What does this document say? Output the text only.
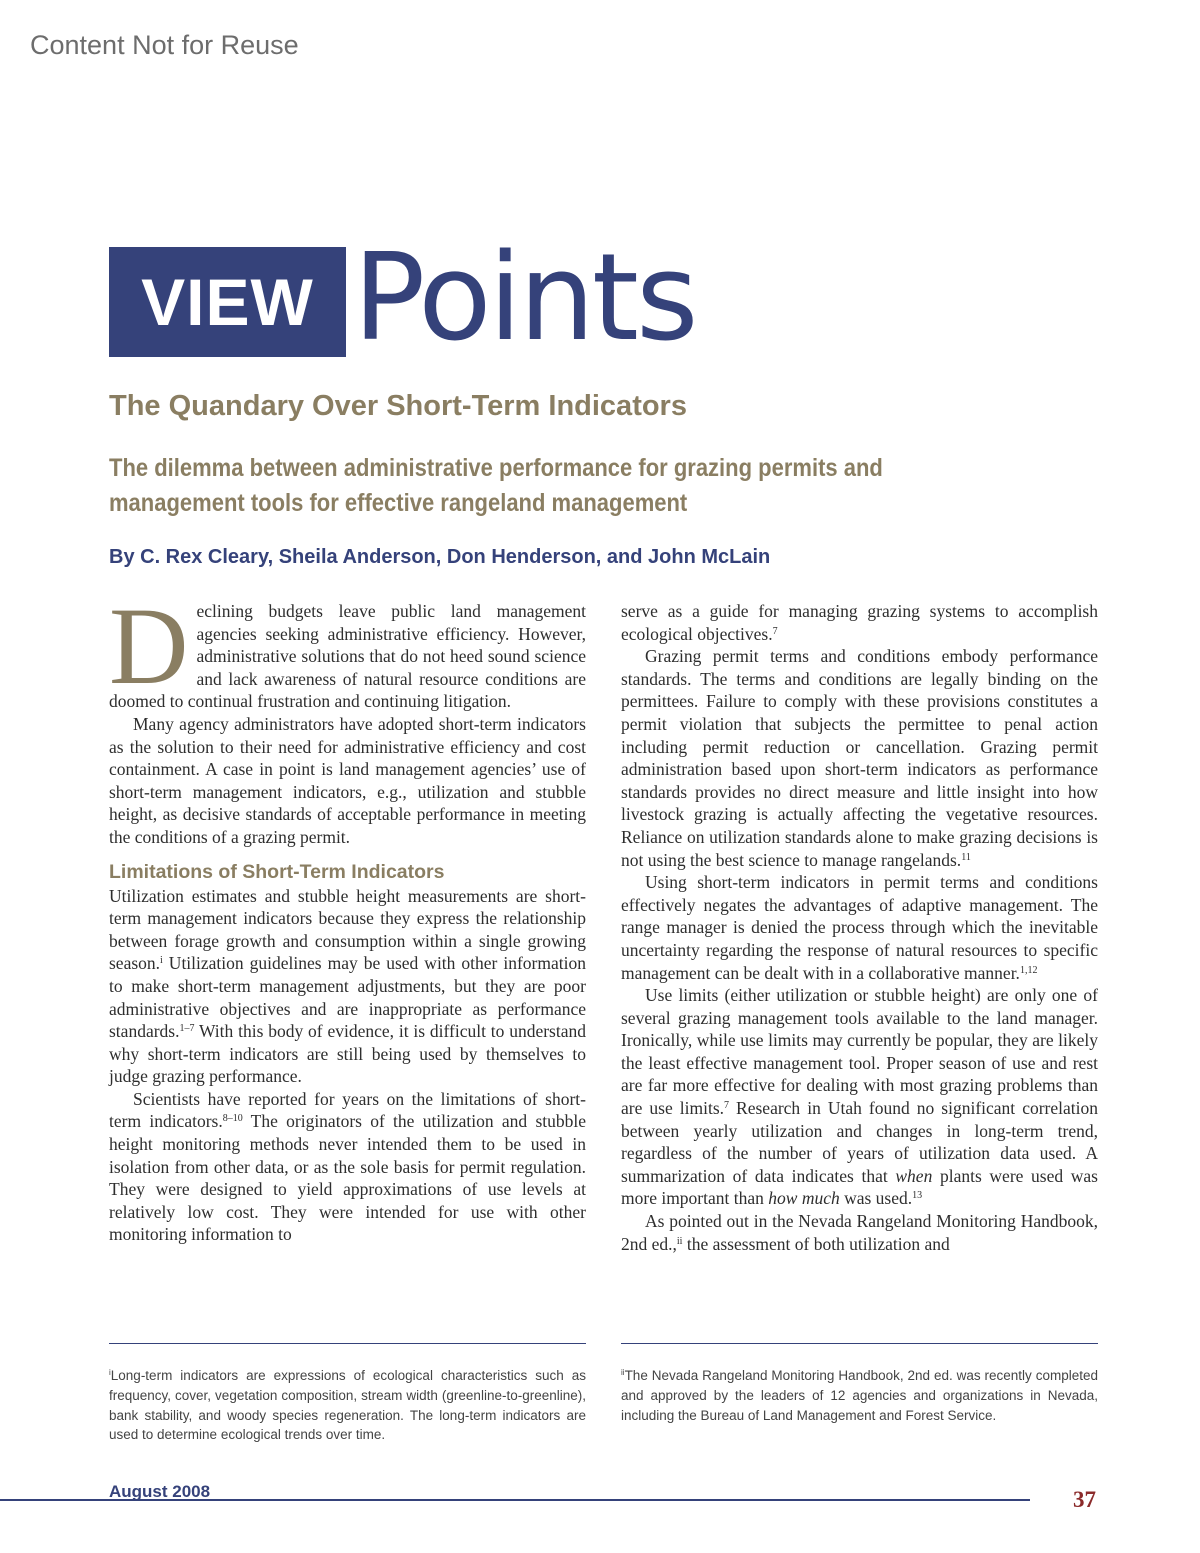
Content Not for Reuse
VIEW Points
The Quandary Over Short-Term Indicators
The dilemma between administrative performance for grazing permits and management tools for effective rangeland management
By C. Rex Cleary, Sheila Anderson, Don Henderson, and John McLain

Declining budgets leave public land management agencies seeking administrative efficiency. However, administrative solutions that do not heed sound science and lack awareness of natural resource conditions are doomed to continual frustration and continuing litigation.

Many agency administrators have adopted short-term indicators as the solution to their need for administrative efficiency and cost containment. A case in point is land management agencies’ use of short-term management indicators, e.g., utilization and stubble height, as decisive standards of acceptable performance in meeting the conditions of a grazing permit.

Limitations of Short-Term Indicators

Utilization estimates and stubble height measurements are short-term management indicators because they express the relationship between forage growth and consumption within a single growing season.$^i$ Utilization guidelines may be used with other information to make short-term management adjustments, but they are poor administrative objectives and are inappropriate as performance standards.$^{1-7}$ With this body of evidence, it is difficult to understand why short-term indicators are still being used by themselves to judge grazing performance.

Scientists have reported for years on the limitations of short-term indicators.$^{8-10}$ The originators of the utilization and stubble height monitoring methods never intended them to be used in isolation from other data, or as the sole basis for permit regulation. They were designed to yield approximations of use levels at relatively low cost. They were intended for use with other monitoring information to

serve as a guide for managing grazing systems to accomplish ecological objectives.$^7$

Grazing permit terms and conditions embody performance standards. The terms and conditions are legally binding on the permittees. Failure to comply with these provisions constitutes a permit violation that subjects the permittee to penal action including permit reduction or cancellation. Grazing permit administration based upon short-term indicators as performance standards provides no direct measure and little insight into how livestock grazing is actually affecting the vegetative resources. Reliance on utilization standards alone to make grazing decisions is not using the best science to manage rangelands.$^{11}$

Using short-term indicators in permit terms and conditions effectively negates the advantages of adaptive management. The range manager is denied the process through which the inevitable uncertainty regarding the response of natural resources to specific management can be dealt with in a collaborative manner.$^{1,12}$

Use limits (either utilization or stubble height) are only one of several grazing management tools available to the land manager. Ironically, while use limits may currently be popular, they are likely the least effective management tool. Proper season of use and rest are far more effective for dealing with most grazing problems than are use limits.$^7$ Research in Utah found no significant correlation between yearly utilization and changes in long-term trend, regardless of the number of years of utilization data used. A summarization of data indicates that when plants were used was more important than how much was used.$^{13}$

As pointed out in the Nevada Rangeland Monitoring Handbook, 2nd ed.,$^{ii}$ the assessment of both utilization and

$^i$Long-term indicators are expressions of ecological characteristics such as frequency, cover, vegetation composition, stream width (greenline-to-greenline), bank stability, and woody species regeneration. The long-term indicators are used to determine ecological trends over time.
$^{ii}$The Nevada Rangeland Monitoring Handbook, 2nd ed. was recently completed and approved by the leaders of 12 agencies and organizations in Nevada, including the Bureau of Land Management and Forest Service.
August 2008	37
